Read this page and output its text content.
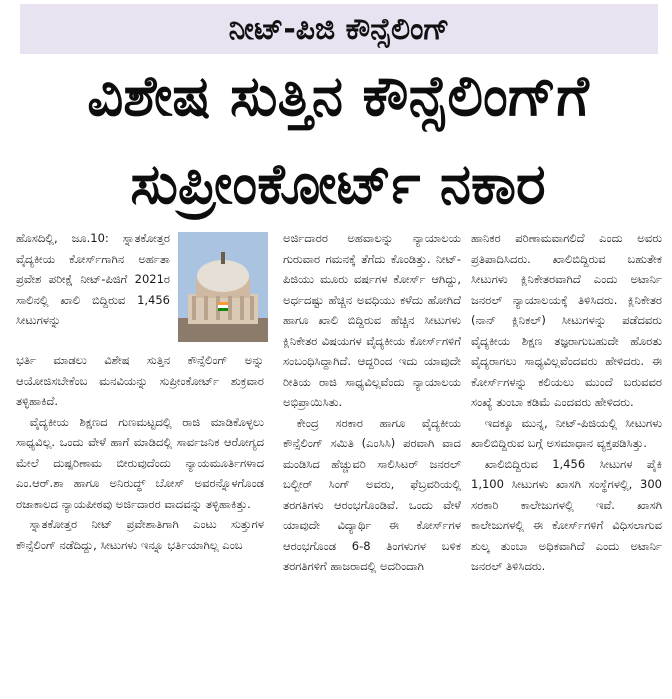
ನೀಟ್-ಪಿಜಿ ಕೌನ್ಸೆಲಿಂಗ್
ವಿಶೇಷ ಸುತ್ತಿನ ಕೌನ್ಸೆಲಿಂಗ್‌ಗೆ
ಸುಪ್ರೀಂಕೋರ್ಟ್ ನಕಾರ

ಹೊಸದಿಲ್ಲಿ, ಜೂ.10: ಸ್ನಾತಕೋತ್ತರ ವೈದ್ಯಕೀಯ ಕೋರ್ಸ್‌ಗಾಗಿನ ಅರ್ಹತಾ ಪ್ರವೇಶ ಪರೀಕ್ಷೆ ನೀಟ್-ಪಿಜಿಗೆ 2021ರ ಸಾಲಿನಲ್ಲಿ ಖಾಲಿ ಬಿದ್ದಿರುವ 1,456 ಸೀಟುಗಳನ್ನು

ಭರ್ತಿ ಮಾಡಲು ವಿಶೇಷ ಸುತ್ತಿನ ಕೌನ್ಸೆಲಿಂಗ್ ಅನ್ನು ಆಯೋಜಿಸಬೇಕೆಂಬ ಮನವಿಯನ್ನು ಸುಪ್ರೀಂಕೋರ್ಟ್ ಶುಕ್ರವಾರ ತಳ್ಳಿಹಾಕಿದೆ.

ವೈದ್ಯಕೀಯ ಶಿಕ್ಷಣದ ಗುಣಮಟ್ಟದಲ್ಲಿ ರಾಜಿ ಮಾಡಿಕೊಳ್ಳಲು ಸಾಧ್ಯವಿಲ್ಲ. ಒಂದು ವೇಳೆ ಹಾಗೆ ಮಾಡಿದಲ್ಲಿ ಸಾರ್ವಜನಿಕ ಆರೋಗ್ಯದ ಮೇಲೆ ದುಷ್ಪರಿಣಾಮ ಬೀರುವುದೆಂದು ನ್ಯಾಯಮೂರ್ತಿಗಳಾದ ಎಂ.ಆರ್.ಶಾ ಹಾಗೂ ಅನಿರುದ್ಧ್ ಬೋಸ್ ಅವರನ್ನೊಳಗೊಂಡ ರಜಾಕಾಲದ ನ್ಯಾಯಪೀಠವು ಅರ್ಜಿದಾರರ ವಾದವನ್ನು ತಳ್ಳಿಹಾಕಿತ್ತು.

ಸ್ನಾತಕೋತ್ತರ ನೀಟ್ ಪ್ರವೇಶಾತಿಗಾಗಿ ಎಂಟು ಸುತ್ತುಗಳ ಕೌನ್ಸೆಲಿಂಗ್ ನಡೆದಿದ್ದು, ಸೀಟುಗಳು ಇನ್ನೂ ಭರ್ತಿಯಾಗಿಲ್ಲ ಎಂಬ

ಅರ್ಜಿದಾರರ ಅಹವಾಲನ್ನು ನ್ಯಾಯಾಲಯ ಗುರುವಾರ ಗಮನಕ್ಕೆ ತೆಗೆದು ಕೊಂಡಿತ್ತು. ನೀಟ್-ಪಿಜಿಯು ಮೂರು ವರ್ಷಗಳ ಕೋರ್ಸ್ ಆಗಿದ್ದು, ಅರ್ಧದಷ್ಟು ಹೆಚ್ಚಿನ ಅವಧಿಯು ಕಳೆದು ಹೋಗಿದೆ ಹಾಗೂ ಖಾಲಿ ಬಿದ್ದಿರುವ ಹೆಚ್ಚಿನ ಸೀಟುಗಳು ಕ್ಲಿನಿಕೇತರ ವಿಷಯಗಳ ವೈದ್ಯಕೀಯ ಕೋರ್ಸ್‌ಗಳಿಗೆ ಸಂಬಂಧಿಸಿದ್ದಾಗಿದೆ. ಆದ್ದರಿಂದ ಇದು ಯಾವುದೇ ರೀತಿಯ ರಾಜಿ ಸಾಧ್ಯವಿಲ್ಲವೆಂದು ನ್ಯಾಯಾಲಯ ಅಭಿಪ್ರಾಯಿಸಿತು.

ಕೇಂದ್ರ ಸರಕಾರ ಹಾಗೂ ವೈದ್ಯಕೀಯ ಕೌನ್ಸೆಲಿಂಗ್ ಸಮಿತಿ (ಎಂಸಿಸಿ) ಪರವಾಗಿ ವಾದ ಮಂಡಿಸಿದ ಹೆಚ್ಚುವರಿ ಸಾಲಿಸಿಟರ್ ಜನರಲ್ ಬಲ್ಬೀರ್ ಸಿಂಗ್ ಅವರು, ಫೆಬ್ರವರಿಯಲ್ಲಿ ತರಗತಿಗಳು ಆರಂಭಗೊಂಡಿವೆ. ಒಂದು ವೇಳೆ ಯಾವುದೇ ವಿದ್ಯಾರ್ಥಿ ಈ ಕೋರ್ಸ್‌ಗಳ ಆರಂಭಗೊಂಡ 6-8 ತಿಂಗಳುಗಳ ಬಳಿಕ ತರಗತಿಗಳಿಗೆ ಹಾಜರಾದಲ್ಲಿ ಅದರಿಂದಾಗಿ

ಹಾನಿಕರ ಪರಿಣಾಮವಾಗಲಿದೆ ಎಂದು ಅವರು ಪ್ರತಿಪಾದಿಸಿದರು. ಖಾಲಿಬಿದ್ದಿರುವ ಬಹುತೇಕ ಸೀಟುಗಳು ಕ್ಲಿನಿಕೇತರವಾಗಿದೆ ಎಂದು ಅಟಾರ್ನಿ ಜನರಲ್ ನ್ಯಾಯಾಲಯಕ್ಕೆ ತಿಳಿಸಿದರು. ಕ್ಲಿನಿಕೇತರ (ನಾನ್ ಕ್ಲಿನಿಕಲ್) ಸೀಟುಗಳನ್ನು ಪಡೆದವರು ವೈದ್ಯಕೀಯ ಶಿಕ್ಷಣ ತಜ್ಞರಾಗುಬಹುದೇ ಹೊರತು ವೈದ್ಯರಾಗಲು ಸಾಧ್ಯವಿಲ್ಲವೆಂದವರು ಹೇಳಿದರು. ಈ ಕೋರ್ಸ್‌ಗಳನ್ನು ಕಲಿಯಲು ಮುಂದೆ ಬರುವವರ ಸಂಖ್ಯೆ ತುಂಬಾ ಕಡಿಮೆ ಎಂದವರು ಹೇಳಿದರು.

ಇದಕ್ಕೂ ಮುನ್ನ, ನೀಟ್-ಪಿಜಿಯಲ್ಲಿ ಸೀಟುಗಳು ಖಾಲಿಬಿದ್ದಿರುವ ಬಗ್ಗೆ ಅಸಮಾಧಾನ ವ್ಯಕ್ತಪಡಿಸಿತ್ತು.

ಖಾಲಿಬಿದ್ದಿರುವ 1,456 ಸೀಟುಗಳ ಪೈಕಿ 1,100 ಸೀಟುಗಳು ಖಾಸಗಿ ಸಂಸ್ಥೆಗಳಲ್ಲಿ, 300 ಸರಕಾರಿ ಕಾಲೇಜುಗಳಲ್ಲಿ ಇವೆ. ಖಾಸಗಿ ಕಾಲೇಜುಗಳಲ್ಲಿ ಈ ಕೋರ್ಸ್‌ಗಳಿಗೆ ವಿಧಿಸಲಾಗುವ ಶುಲ್ಕ ತುಂಬಾ ಅಧಿಕವಾಗಿದೆ ಎಂದು ಅಟಾರ್ನಿ ಜನರಲ್ ತಿಳಿಸಿದರು.
